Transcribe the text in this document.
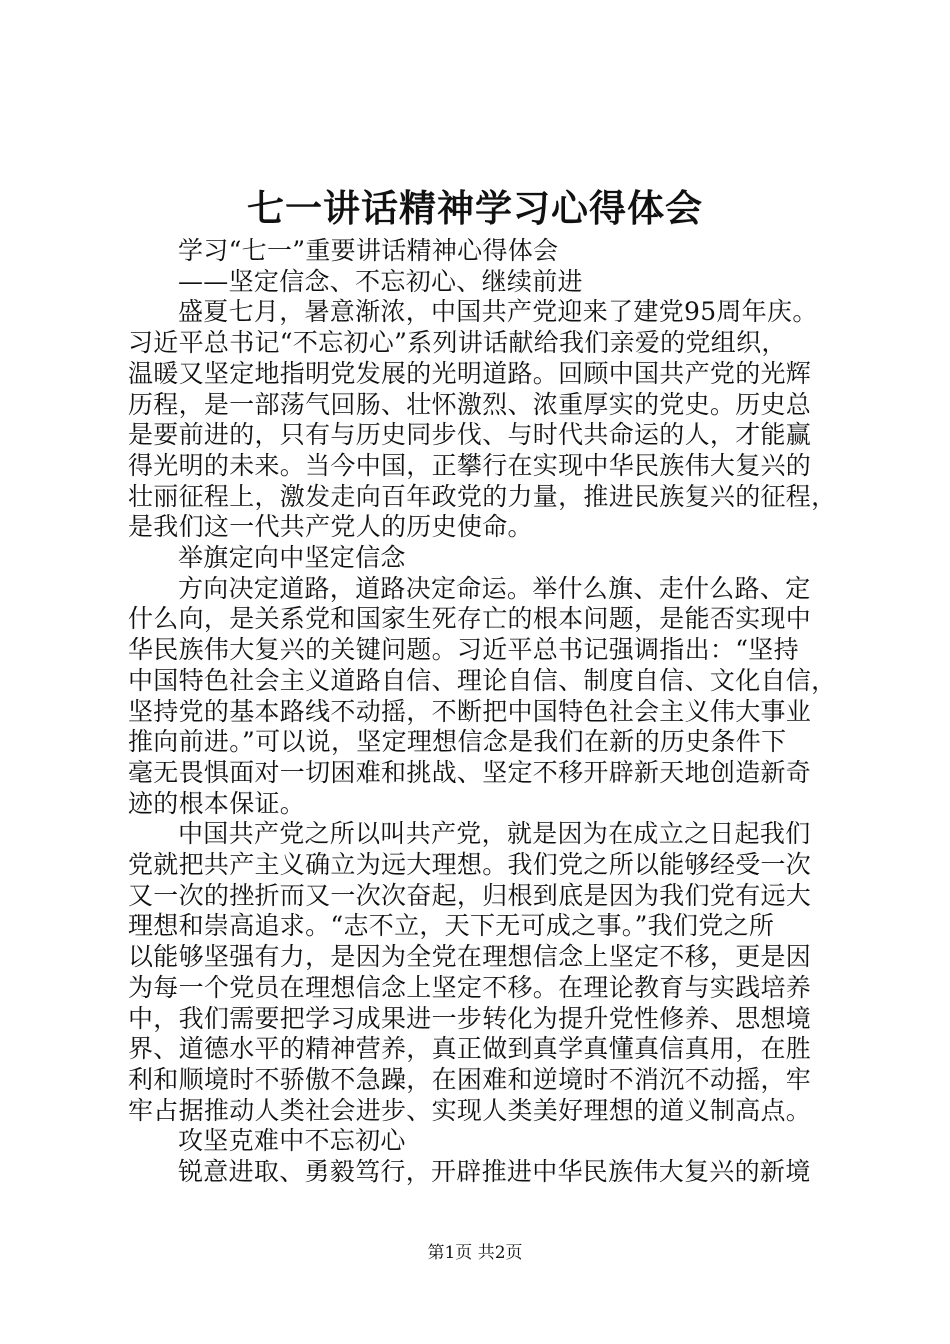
七一讲话精神学习心得体会
学习“七一”重要讲话精神心得体会
——坚定信念、不忘初心、继续前进
盛夏七月，暑意渐浓，中国共产党迎来了建党95周年庆。
习近平总书记“不忘初心”系列讲话献给我们亲爱的党组织，
温暖又坚定地指明党发展的光明道路。回顾中国共产党的光辉
历程，是一部荡气回肠、壮怀激烈、浓重厚实的党史。历史总
是要前进的，只有与历史同步伐、与时代共命运的人，才能赢
得光明的未来。当今中国，正攀行在实现中华民族伟大复兴的
壮丽征程上，激发走向百年政党的力量，推进民族复兴的征程，
是我们这一代共产党人的历史使命。
举旗定向中坚定信念
方向决定道路，道路决定命运。举什么旗、走什么路、定
什么向，是关系党和国家生死存亡的根本问题，是能否实现中
华民族伟大复兴的关键问题。习近平总书记强调指出：“坚持
中国特色社会主义道路自信、理论自信、制度自信、文化自信，
坚持党的基本路线不动摇，不断把中国特色社会主义伟大事业
推向前进。”可以说，坚定理想信念是我们在新的历史条件下
毫无畏惧面对一切困难和挑战、坚定不移开辟新天地创造新奇
迹的根本保证。
中国共产党之所以叫共产党，就是因为在成立之日起我们
党就把共产主义确立为远大理想。我们党之所以能够经受一次
又一次的挫折而又一次次奋起，归根到底是因为我们党有远大
理想和崇高追求。“志不立，天下无可成之事。”我们党之所
以能够坚强有力，是因为全党在理想信念上坚定不移，更是因
为每一个党员在理想信念上坚定不移。在理论教育与实践培养
中，我们需要把学习成果进一步转化为提升党性修养、思想境
界、道德水平的精神营养，真正做到真学真懂真信真用，在胜
利和顺境时不骄傲不急躁，在困难和逆境时不消沉不动摇，牢
牢占据推动人类社会进步、实现人类美好理想的道义制高点。
攻坚克难中不忘初心
锐意进取、勇毅笃行，开辟推进中华民族伟大复兴的新境
第1页 共2页
